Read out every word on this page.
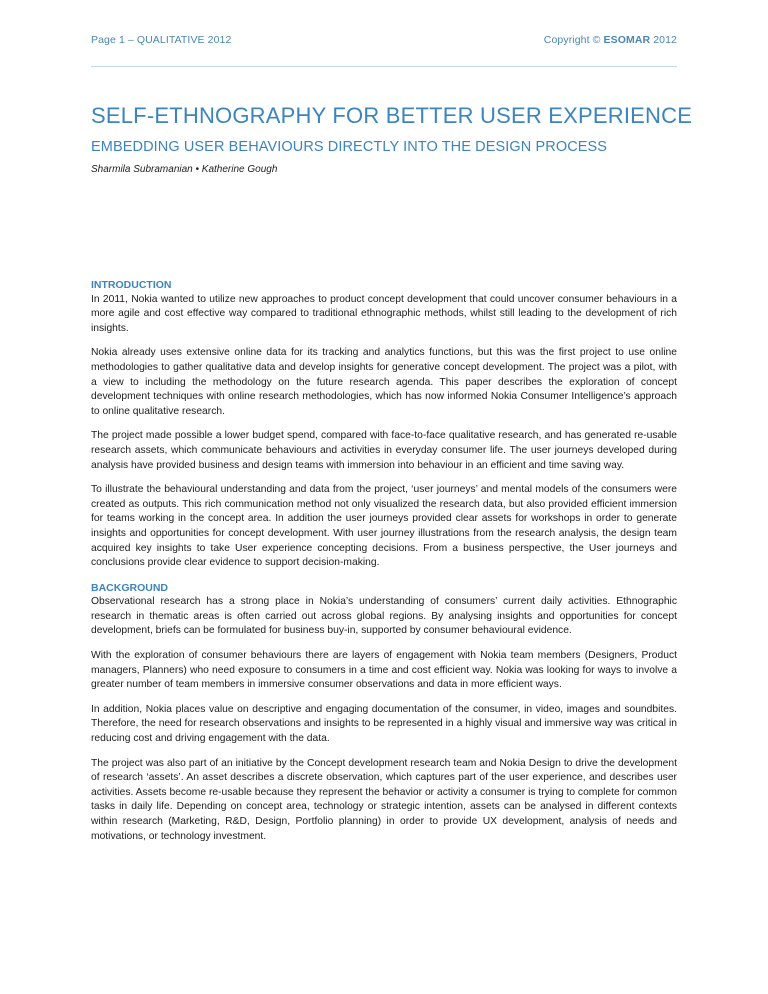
Page 1 – QUALITATIVE 2012	Copyright © ESOMAR 2012
SELF-ETHNOGRAPHY FOR BETTER USER EXPERIENCE
EMBEDDING USER BEHAVIOURS DIRECTLY INTO THE DESIGN PROCESS
Sharmila Subramanian • Katherine Gough
INTRODUCTION

In 2011, Nokia wanted to utilize new approaches to product concept development that could uncover consumer behaviours in a more agile and cost effective way compared to traditional ethnographic methods, whilst still leading to the development of rich insights.

Nokia already uses extensive online data for its tracking and analytics functions, but this was the first project to use online methodologies to gather qualitative data and develop insights for generative concept development. The project was a pilot, with a view to including the methodology on the future research agenda. This paper describes the exploration of concept development techniques with online research methodologies, which has now informed Nokia Consumer Intelligence’s approach to online qualitative research.

The project made possible a lower budget spend, compared with face-to-face qualitative research, and has generated re-usable research assets, which communicate behaviours and activities in everyday consumer life. The user journeys developed during analysis have provided business and design teams with immersion into behaviour in an efficient and time saving way.

To illustrate the behavioural understanding and data from the project, ‘user journeys’ and mental models of the consumers were created as outputs. This rich communication method not only visualized the research data, but also provided efficient immersion for teams working in the concept area. In addition the user journeys provided clear assets for workshops in order to generate insights and opportunities for concept development. With user journey illustrations from the research analysis, the design team acquired key insights to take User experience concepting decisions. From a business perspective, the User journeys and conclusions provide clear evidence to support decision-making.

BACKGROUND

Observational research has a strong place in Nokia’s understanding of consumers’ current daily activities. Ethnographic research in thematic areas is often carried out across global regions. By analysing insights and opportunities for concept development, briefs can be formulated for business buy-in, supported by consumer behavioural evidence.

With the exploration of consumer behaviours there are layers of engagement with Nokia team members (Designers, Product managers, Planners) who need exposure to consumers in a time and cost efficient way. Nokia was looking for ways to involve a greater number of team members in immersive consumer observations and data in more efficient ways.

In addition, Nokia places value on descriptive and engaging documentation of the consumer, in video, images and soundbites. Therefore, the need for research observations and insights to be represented in a highly visual and immersive way was critical in reducing cost and driving engagement with the data.

The project was also part of an initiative by the Concept development research team and Nokia Design to drive the development of research ‘assets’. An asset describes a discrete observation, which captures part of the user experience, and describes user activities. Assets become re-usable because they represent the behavior or activity a consumer is trying to complete for common tasks in daily life. Depending on concept area, technology or strategic intention, assets can be analysed in different contexts within research (Marketing, R&D, Design, Portfolio planning) in order to provide UX development, analysis of needs and motivations, or technology investment.
